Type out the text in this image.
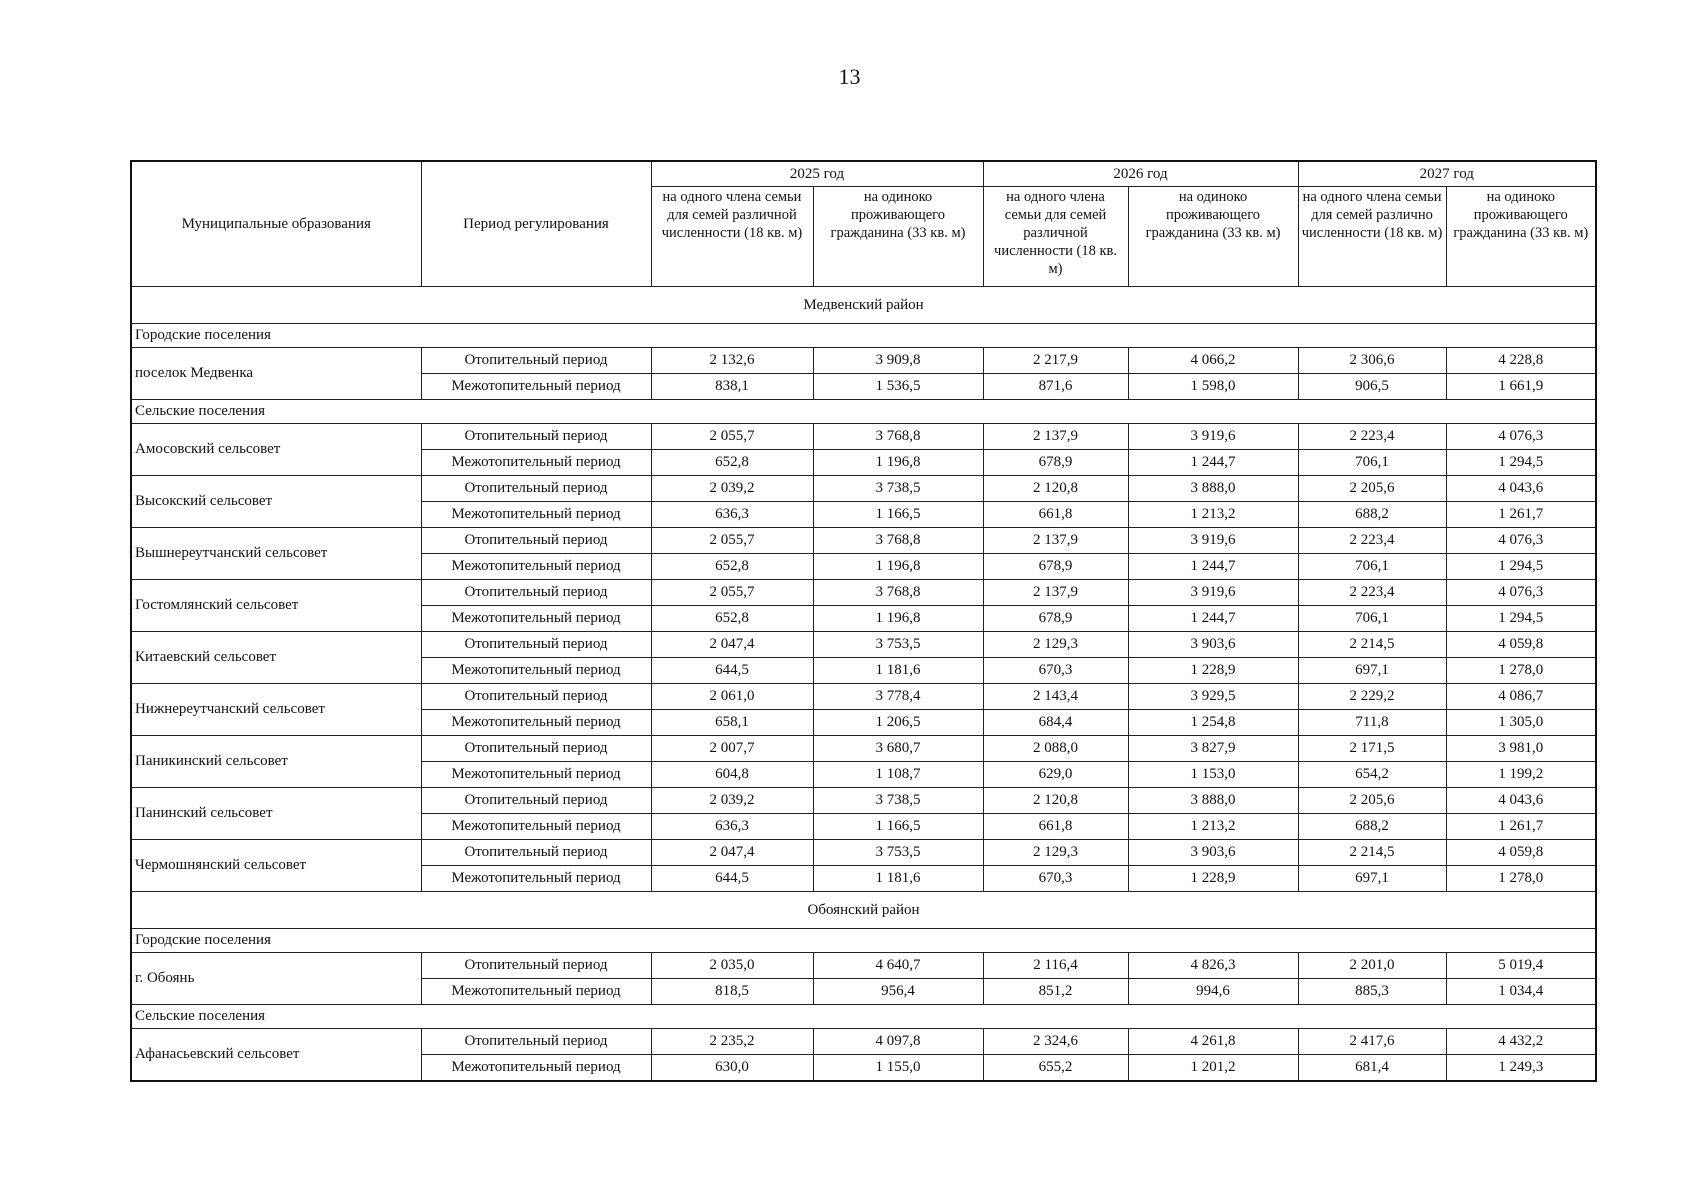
13
Муниципальные образования	Период регулирования	2025 год		2026 год		2027 год	
		на одного члена семьи для семей различной численности (18 кв. м)	на одиноко проживающего гражданина (33 кв. м)	на одного члена семьи для семей различной численности (18 кв. м)	на одиноко проживающего гражданина (33 кв. м)	на одного члена семьи для семей различно численности (18 кв. м)	на одиноко проживающего гражданина (33 кв. м)
Медвенский район							
Городские поселения							
поселок Медвенка	Отопительный период	2 132,6	3 909,8	2 217,9	4 066,2	2 306,6	4 228,8
	Межотопительный период	838,1	1 536,5	871,6	1 598,0	906,5	1 661,9
Сельские поселения							
Амосовский сельсовет	Отопительный период	2 055,7	3 768,8	2 137,9	3 919,6	2 223,4	4 076,3
	Межотопительный период	652,8	1 196,8	678,9	1 244,7	706,1	1 294,5
Высокский сельсовет	Отопительный период	2 039,2	3 738,5	2 120,8	3 888,0	2 205,6	4 043,6
	Межотопительный период	636,3	1 166,5	661,8	1 213,2	688,2	1 261,7
Вышнереутчанский сельсовет	Отопительный период	2 055,7	3 768,8	2 137,9	3 919,6	2 223,4	4 076,3
	Межотопительный период	652,8	1 196,8	678,9	1 244,7	706,1	1 294,5
Гостомлянский сельсовет	Отопительный период	2 055,7	3 768,8	2 137,9	3 919,6	2 223,4	4 076,3
	Межотопительный период	652,8	1 196,8	678,9	1 244,7	706,1	1 294,5
Китаевский сельсовет	Отопительный период	2 047,4	3 753,5	2 129,3	3 903,6	2 214,5	4 059,8
	Межотопительный период	644,5	1 181,6	670,3	1 228,9	697,1	1 278,0
Нижнереутчанский сельсовет	Отопительный период	2 061,0	3 778,4	2 143,4	3 929,5	2 229,2	4 086,7
	Межотопительный период	658,1	1 206,5	684,4	1 254,8	711,8	1 305,0
Паникинский сельсовет	Отопительный период	2 007,7	3 680,7	2 088,0	3 827,9	2 171,5	3 981,0
	Межотопительный период	604,8	1 108,7	629,0	1 153,0	654,2	1 199,2
Панинский сельсовет	Отопительный период	2 039,2	3 738,5	2 120,8	3 888,0	2 205,6	4 043,6
	Межотопительный период	636,3	1 166,5	661,8	1 213,2	688,2	1 261,7
Чермошнянский сельсовет	Отопительный период	2 047,4	3 753,5	2 129,3	3 903,6	2 214,5	4 059,8
	Межотопительный период	644,5	1 181,6	670,3	1 228,9	697,1	1 278,0
Обоянский район							
Городские поселения							
г. Обоянь	Отопительный период	2 035,0	4 640,7	2 116,4	4 826,3	2 201,0	5 019,4
	Межотопительный период	818,5	956,4	851,2	994,6	885,3	1 034,4
Сельские поселения							
Афанасьевский сельсовет	Отопительный период	2 235,2	4 097,8	2 324,6	4 261,8	2 417,6	4 432,2
	Межотопительный период	630,0	1 155,0	655,2	1 201,2	681,4	1 249,3
